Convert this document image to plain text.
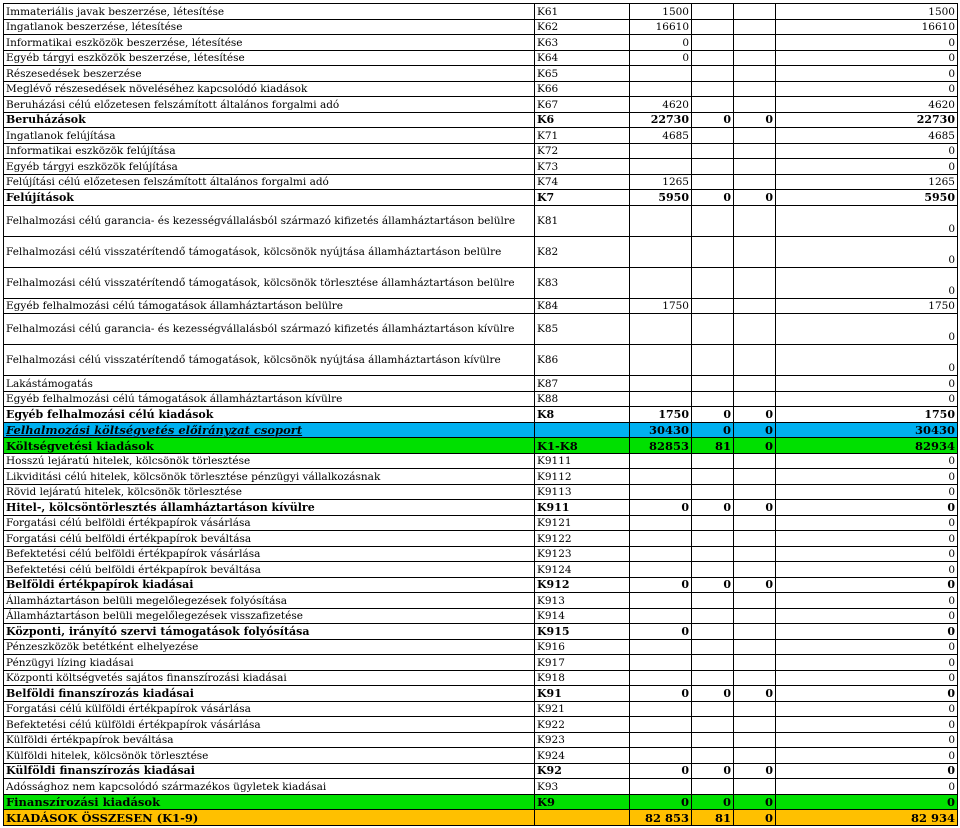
Immateriális javak beszerzése, létesítése	K61	1500			1500
Ingatlanok beszerzése, létesítése	K62	16610			16610
Informatikai eszközök beszerzése, létesítése	K63	0			0
Egyéb tárgyi eszközök beszerzése, létesítése	K64	0			0
Részesedések beszerzése	K65				0
Meglévő részesedések növeléséhez kapcsolódó kiadások	K66				0
Beruházási célú előzetesen felszámított általános forgalmi adó	K67	4620			4620
Beruházások	K6	22730	0	0	22730
Ingatlanok felújítása	K71	4685			4685
Informatikai eszközök felújítása	K72				0
Egyéb tárgyi eszközök felújítása	K73				0
Felújítási célú előzetesen felszámított általános forgalmi adó	K74	1265			1265
Felújítások	K7	5950	0	0	5950
Felhalmozási célú garancia- és kezességvállalásból származó kifizetés államháztartáson belülre	K81				0
Felhalmozási célú visszatérítendő támogatások, kölcsönök nyújtása államháztartáson belülre	K82				0
Felhalmozási célú visszatérítendő támogatások, kölcsönök törlesztése államháztartáson belülre	K83				0
Egyéb felhalmozási célú támogatások államháztartáson belülre	K84	1750			1750
Felhalmozási célú garancia- és kezességvállalásból származó kifizetés államháztartáson kívülre	K85				0
Felhalmozási célú visszatérítendő támogatások, kölcsönök nyújtása államháztartáson kívülre	K86				0
Lakástámogatás	K87				0
Egyéb felhalmozási célú támogatások államháztartáson kívülre	K88				0
Egyéb felhalmozási célú kiadások	K8	1750	0	0	1750
Felhalmozási költségvetés előirányzat csoport		30430	0	0	30430
Költségvetési kiadások	K1-K8	82853	81	0	82934
Hosszú lejáratú hitelek, kölcsönök törlesztése	K9111				0
Likviditási célú hitelek, kölcsönök törlesztése pénzügyi vállalkozásnak	K9112				0
Rövid lejáratú hitelek, kölcsönök törlesztése	K9113				0
Hitel-, kölcsöntörlesztés államháztartáson kívülre	K911	0	0	0	0
Forgatási célú belföldi értékpapírok vásárlása	K9121				0
Forgatási célú belföldi értékpapírok beváltása	K9122				0
Befektetési célú belföldi értékpapírok vásárlása	K9123				0
Befektetési célú belföldi értékpapírok beváltása	K9124				0
Belföldi értékpapírok kiadásai	K912	0	0	0	0
Államháztartáson belüli megelőlegezések folyósítása	K913				0
Államháztartáson belüli megelőlegezések visszafizetése	K914				0
Központi, irányító szervi támogatások folyósítása	K915	0			0
Pénzeszközök betétként elhelyezése	K916				0
Pénzügyi lízing kiadásai	K917				0
Központi költségvetés sajátos finanszírozási kiadásai	K918				0
Belföldi finanszírozás kiadásai	K91	0	0	0	0
Forgatási célú külföldi értékpapírok vásárlása	K921				0
Befektetési célú külföldi értékpapírok vásárlása	K922				0
Külföldi értékpapírok beváltása	K923				0
Külföldi hitelek, kölcsönök törlesztése	K924				0
Külföldi finanszírozás kiadásai	K92	0	0	0	0
Adóssághoz nem kapcsolódó származékos ügyletek kiadásai	K93				0
Finanszírozási kiadások	K9	0	0	0	0
KIADÁSOK ÖSSZESEN (K1-9)		82 853	81	0	82 934
